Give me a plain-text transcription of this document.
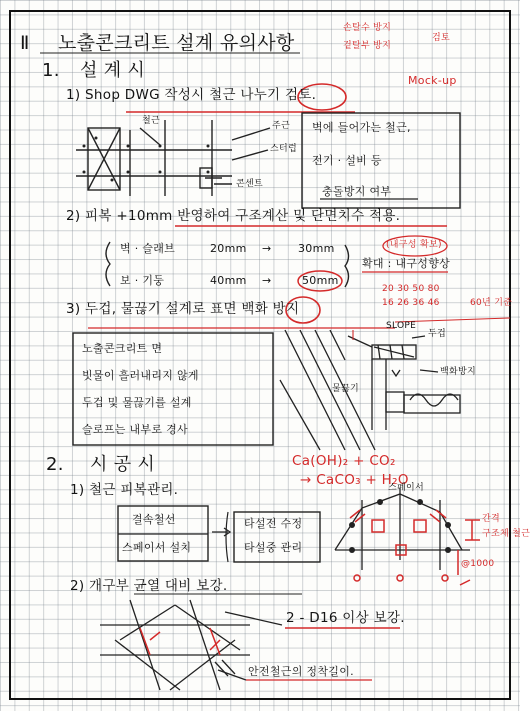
Ⅱ 노출콘크리트 설계 유의사항
손탈수 방지
겉탈부 방지
검토
1. 설 계 시	Mock-up
1) Shop DWG 작성시 철근 나누기 검토.
철근	주근
스터럽
콘센트
벽에 들어가는 철근,
전기 · 설비 등
충돌방지 여부
2) 피복 +10mm 반영하여 구조계산 및 단면치수 적용.
벽 · 슬래브	20mm → 30mm
보 · 기둥	40mm →	50mm
(내구성 확보)
확대 : 내구성향상
20 30 50 80
16 26 36 46	60년 기준
3) 두겁, 물끊기 설계로 표면 백화 방지
노출콘크리트 면
빗물이 흘러내리지 않게
두겁 및 물끊기를 설계
슬로프는 내부로 경사
SLOPE
두겁
물끊기
백화방지
2. 시 공 시	Ca(OH)₂ + CO₂
→ CaCO₃ + H₂O
1) 철근 피복관리.
결속철선
스페이서 설치
타설전 수정
타설중 관리
스페이서
간격
@1000
구조체 철근
2) 개구부 균열 대비 보강.
2 - D16 이상 보강.
안전철근의 정착길이.
